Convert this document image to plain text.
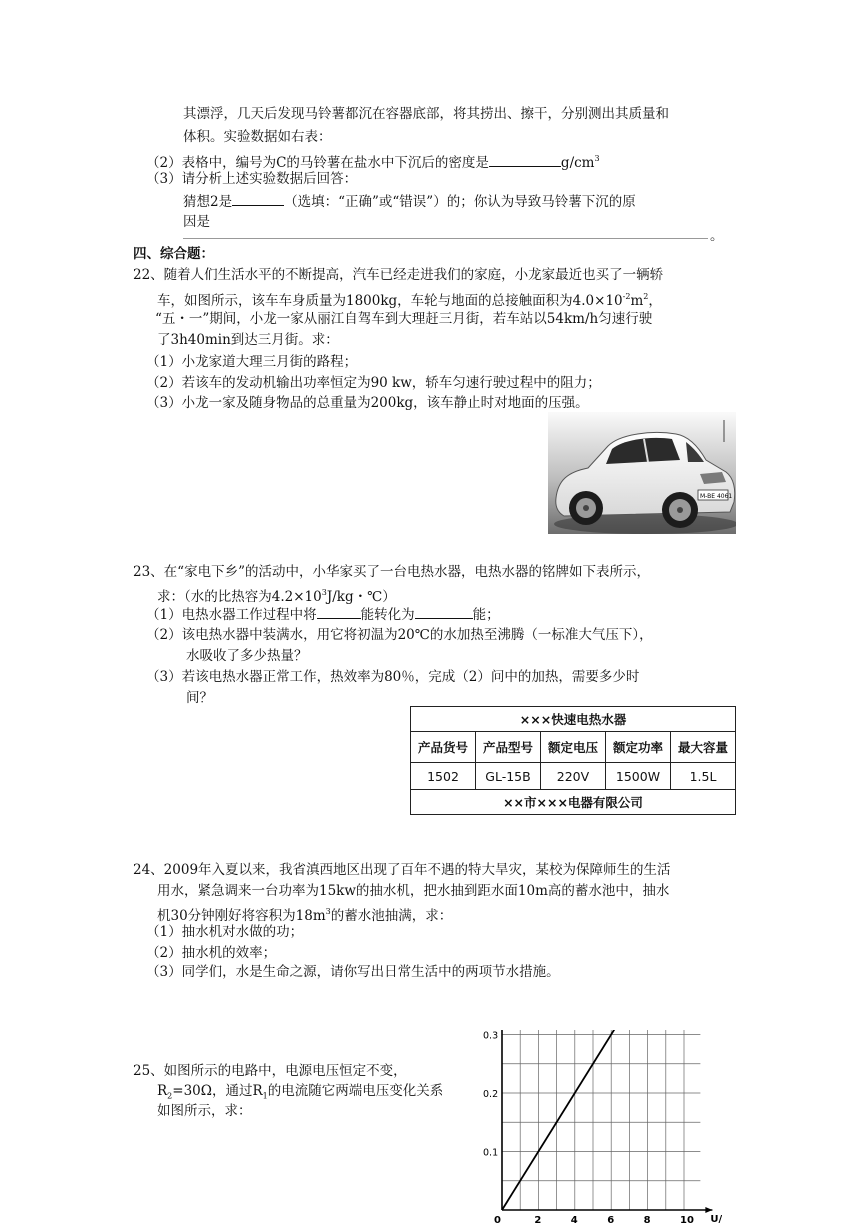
其漂浮，几天后发现马铃薯都沉在容器底部，将其捞出、擦干，分别测出其质量和
体积。实验数据如右表：
（2）表格中，编号为C的马铃薯在盐水中下沉后的密度是	$g/cm^3$
（3）请分析上述实验数据后回答：
猜想2是	（选填：“正确”或“错误”）的；你认为导致马铃薯下沉的原
因是
。
四、综合题：
22、随着人们生活水平的不断提高，汽车已经走进我们的家庭，小龙家最近也买了一辆轿
车，如图所示，该车车身质量为1800kg，车轮与地面的总接触面积为$4.0\times 10^{-2}m^2$，
“五・一”期间，小龙一家从丽江自驾车到大理赶三月街，若车站以54km/h匀速行驶
了3h40min到达三月街。求：
（1）小龙家道大理三月街的路程；
（2）若该车的发动机输出功率恒定为90 kw，轿车匀速行驶过程中的阻力；
（3）小龙一家及随身物品的总重量为200kg，该车静止时对地面的压强。
M-BE 4061
23、在“家电下乡”的活动中，小华家买了一台电热水器，电热水器的铭牌如下表所示，
求：（水的比热容为$4.2\times 10^3J/kg$・℃）
（1）电热水器工作过程中将	能转化为	能；
（2）该电热水器中装满水，用它将初温为20℃的水加热至沸腾（一标准大气压下），
水吸收了多少热量？
（3）若该电热水器正常工作，热效率为80％，完成（2）问中的加热，需要多少时
间？
×××快速电热水器				
产品货号	产品型号	额定电压	额定功率	最大容量
1502	GL-15B	220V	1500W	1.5L
××市×××电器有限公司				
24、2009年入夏以来，我省滇西地区出现了百年不遇的特大旱灾，某校为保障师生的生活
用水，紧急调来一台功率为15kw的抽水机，把水抽到距水面10m高的蓄水池中，抽水
机30分钟刚好将容积为$18m^3$的蓄水池抽满，求：
（1）抽水机对水做的功；
（2）抽水机的效率；
（3）同学们，水是生命之源，请你写出日常生活中的两项节水措施。
25、如图所示的电路中，电源电压恒定不变，
$R_2=30\Omega$，通过$R_1$的电流随它两端电压变化关系
如图所示，求：
0	2	4	6	8	10
0.1
0.2
0.3
U/
